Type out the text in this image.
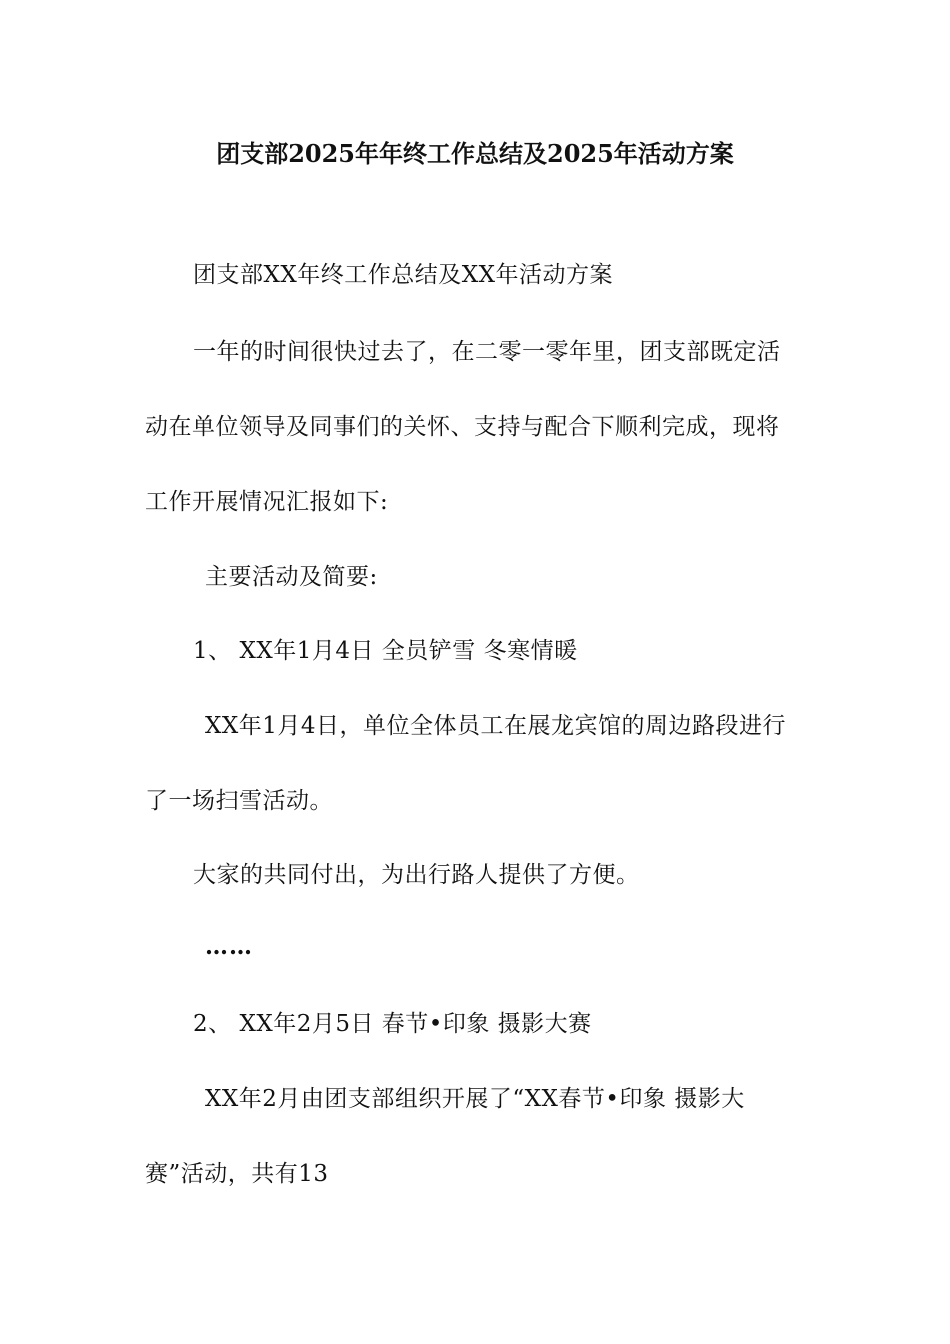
团支部2025年年终工作总结及2025年活动方案
团支部XX年终工作总结及XX年活动方案
一年的时间很快过去了，在二零一零年里，团支部既定活
动在单位领导及同事们的关怀、支持与配合下顺利完成，现将
工作开展情况汇报如下:
主要活动及简要:
1、 XX年1月4日 全员铲雪 冬寒情暖
XX年1月4日，单位全体员工在展龙宾馆的周边路段进行
了一场扫雪活动。
大家的共同付出，为出行路人提供了方便。
……
2、 XX年2月5日 春节•印象 摄影大赛
XX年2月由团支部组织开展了“XX春节•印象 摄影大
赛”活动，共有13
